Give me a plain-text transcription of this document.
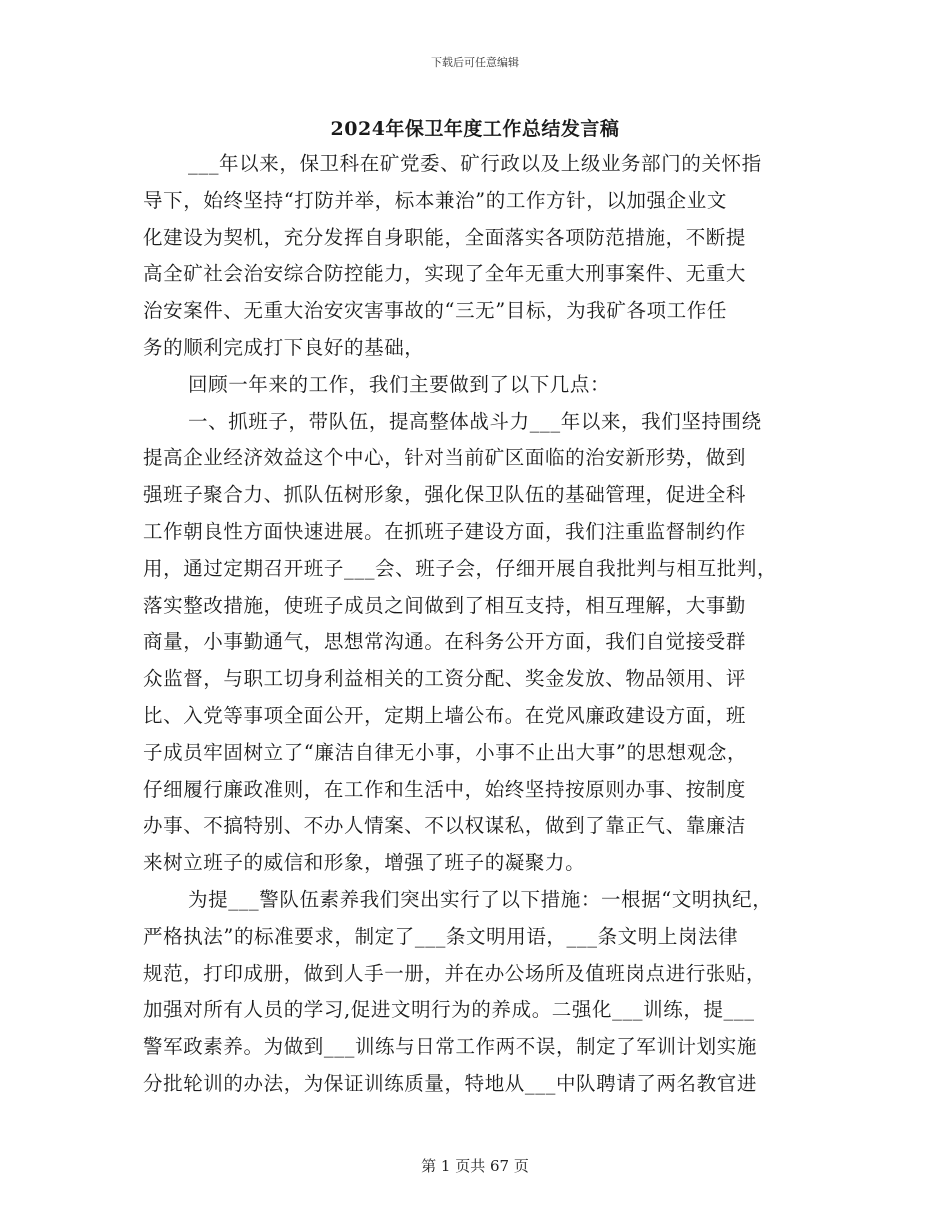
下载后可任意编辑
2024年保卫年度工作总结发言稿
___年以来，保卫科在矿党委、矿行政以及上级业务部门的关怀指
导下，始终坚持“打防并举，标本兼治”的工作方针，以加强企业文
化建设为契机，充分发挥自身职能，全面落实各项防范措施，不断提
高全矿社会治安综合防控能力，实现了全年无重大刑事案件、无重大
治安案件、无重大治安灾害事故的“三无”目标，为我矿各项工作任
务的顺利完成打下良好的基础，
回顾一年来的工作，我们主要做到了以下几点：
一、抓班子，带队伍，提高整体战斗力___年以来，我们坚持围绕
提高企业经济效益这个中心，针对当前矿区面临的治安新形势，做到
强班子聚合力、抓队伍树形象，强化保卫队伍的基础管理，促进全科
工作朝良性方面快速进展。在抓班子建设方面，我们注重监督制约作
用，通过定期召开班子___会、班子会，仔细开展自我批判与相互批判，
落实整改措施，使班子成员之间做到了相互支持，相互理解，大事勤
商量，小事勤通气，思想常沟通。在科务公开方面，我们自觉接受群
众监督，与职工切身利益相关的工资分配、奖金发放、物品领用、评
比、入党等事项全面公开，定期上墙公布。在党风廉政建设方面，班
子成员牢固树立了“廉洁自律无小事，小事不止出大事”的思想观念，
仔细履行廉政准则，在工作和生活中，始终坚持按原则办事、按制度
办事、不搞特别、不办人情案、不以权谋私，做到了靠正气、靠廉洁
来树立班子的威信和形象，增强了班子的凝聚力。
为提___警队伍素养我们突出实行了以下措施：一根据“文明执纪，
严格执法”的标准要求，制定了___条文明用语，___条文明上岗法律
规范，打印成册，做到人手一册，并在办公场所及值班岗点进行张贴，
加强对所有人员的学习,促进文明行为的养成。二强化___训练，提___
警军政素养。为做到___训练与日常工作两不误，制定了军训计划实施
分批轮训的办法，为保证训练质量，特地从___中队聘请了两名教官进
第 1 页共 67 页
